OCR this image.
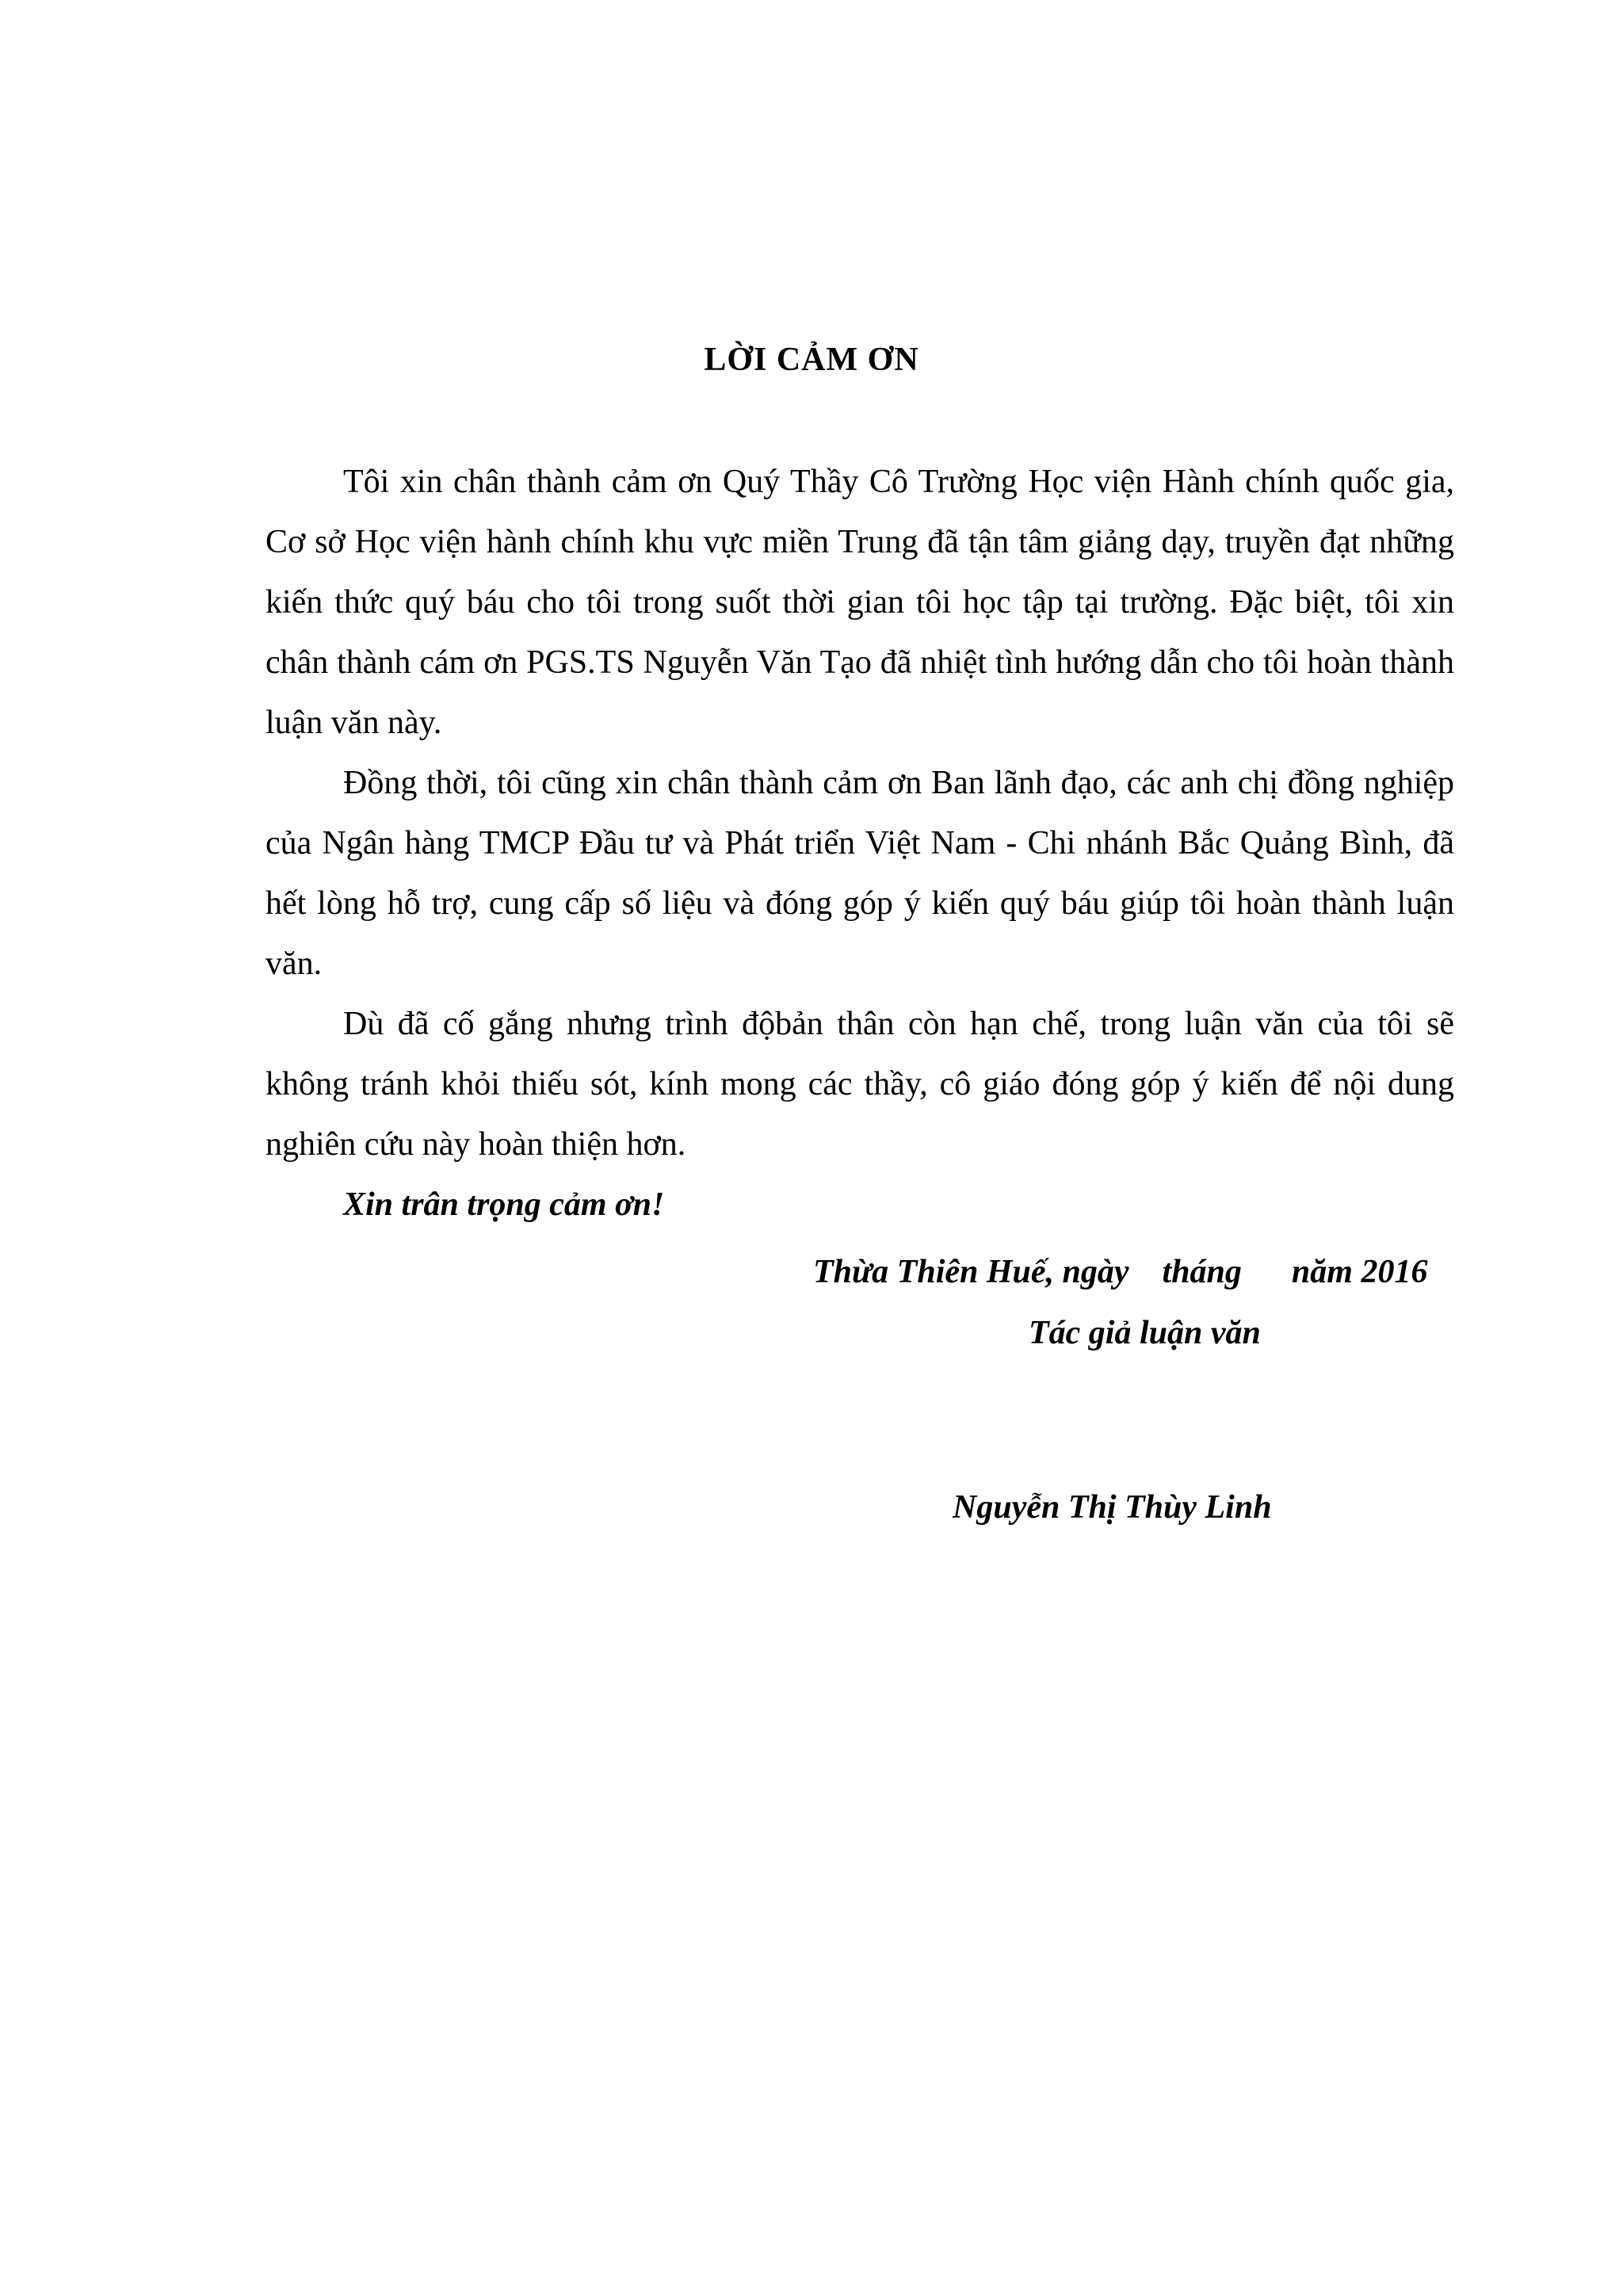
LỜI CẢM ƠN

Tôi xin chân thành cảm ơn Quý Thầy Cô Trường Học viện Hành chính quốc gia, Cơ sở Học viện hành chính khu vực miền Trung đã tận tâm giảng dạy, truyền đạt những kiến thức quý báu cho tôi trong suốt thời gian tôi học tập tại trường. Đặc biệt, tôi xin chân thành cám ơn PGS.TS Nguyễn Văn Tạo đã nhiệt tình hướng dẫn cho tôi hoàn thành luận văn này.

Đồng thời, tôi cũng xin chân thành cảm ơn Ban lãnh đạo, các anh chị đồng nghiệp của Ngân hàng TMCP Đầu tư và Phát triển Việt Nam - Chi nhánh Bắc Quảng Bình, đã hết lòng hỗ trợ, cung cấp số liệu và đóng góp ý kiến quý báu giúp tôi hoàn thành luận văn.

Dù đã cố gắng nhưng trình độbản thân còn hạn chế, trong luận văn của tôi sẽ không tránh khỏi thiếu sót, kính mong các thầy, cô giáo đóng góp ý kiến để nội dung nghiên cứu này hoàn thiện hơn.

Xin trân trọng cảm ơn!

Thừa Thiên Huế, ngày    tháng      năm 2016
Tác giả luận văn
Nguyễn Thị Thùy Linh
